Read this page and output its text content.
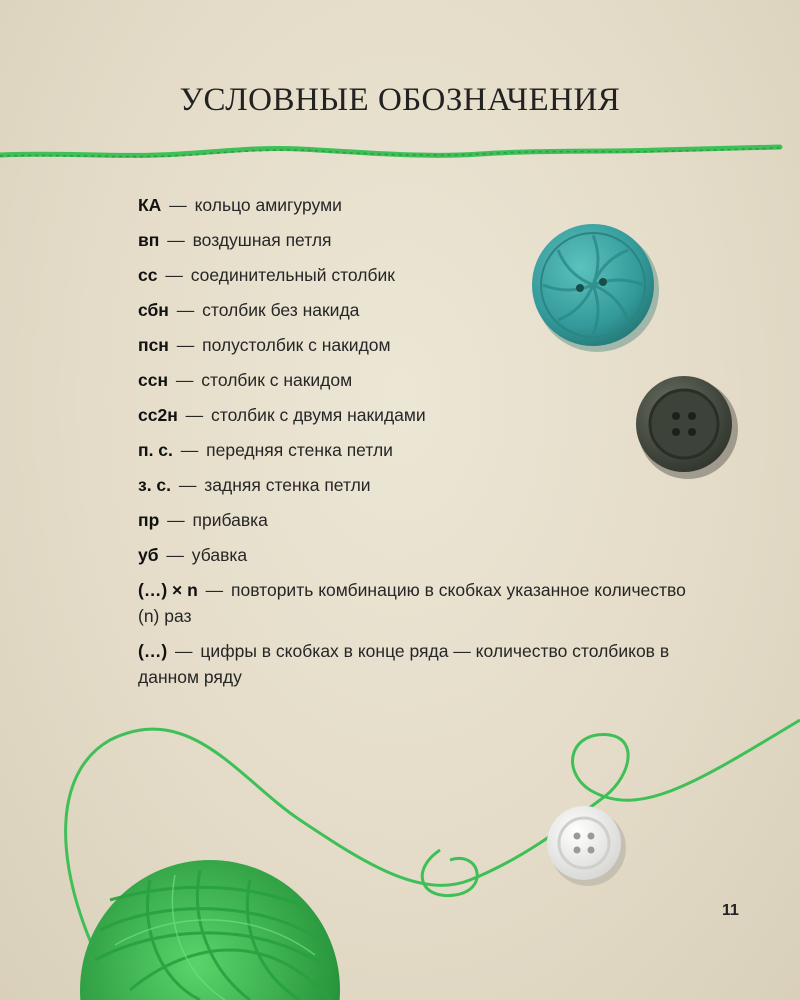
УСЛОВНЫЕ ОБОЗНАЧЕНИЯ
КА — кольцо амигуруми
вп — воздушная петля
сс — соединительный столбик
сбн — столбик без накида
псн — полустолбик с накидом
ссн — столбик с накидом
сс2н — столбик с двумя накидами
п. с. — передняя стенка петли
з. с. — задняя стенка петли
пр — прибавка
уб — убавка
(…) × n — повторить комбинацию в скобках указанное количество (n) раз
(…) — цифры в скобках в конце ряда — количество столбиков в данном ряду
11
